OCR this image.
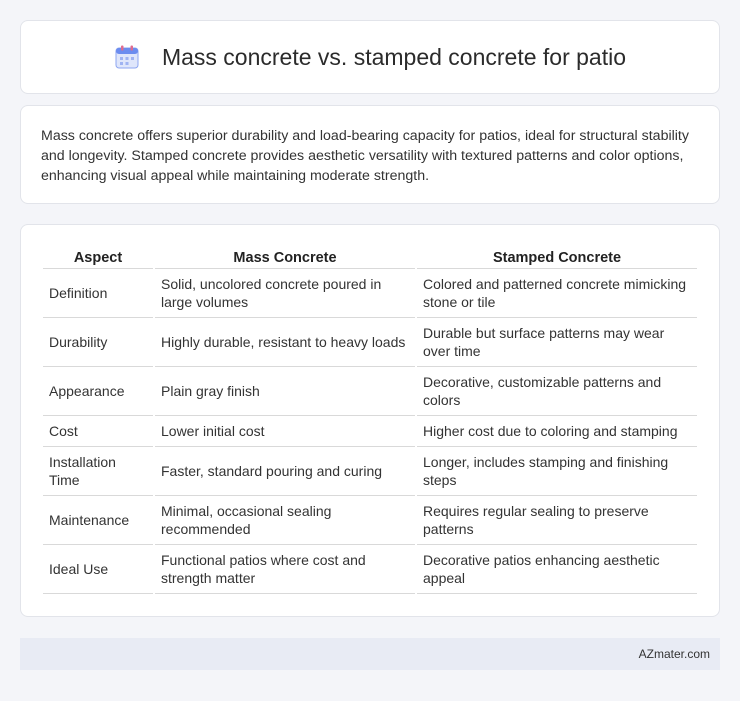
Mass concrete vs. stamped concrete for patio

Mass concrete offers superior durability and load-bearing capacity for patios, ideal for structural stability and longevity. Stamped concrete provides aesthetic versatility with textured patterns and color options, enhancing visual appeal while maintaining moderate strength.

Aspect	Mass Concrete	Stamped Concrete
Definition	Solid, uncolored concrete poured in large volumes	Colored and patterned concrete mimicking stone or tile
Durability	Highly durable, resistant to heavy loads	Durable but surface patterns may wear over time
Appearance	Plain gray finish	Decorative, customizable patterns and colors
Cost	Lower initial cost	Higher cost due to coloring and stamping
Installation Time	Faster, standard pouring and curing	Longer, includes stamping and finishing steps
Maintenance	Minimal, occasional sealing recommended	Requires regular sealing to preserve patterns
Ideal Use	Functional patios where cost and strength matter	Decorative patios enhancing aesthetic appeal
AZmater.com
